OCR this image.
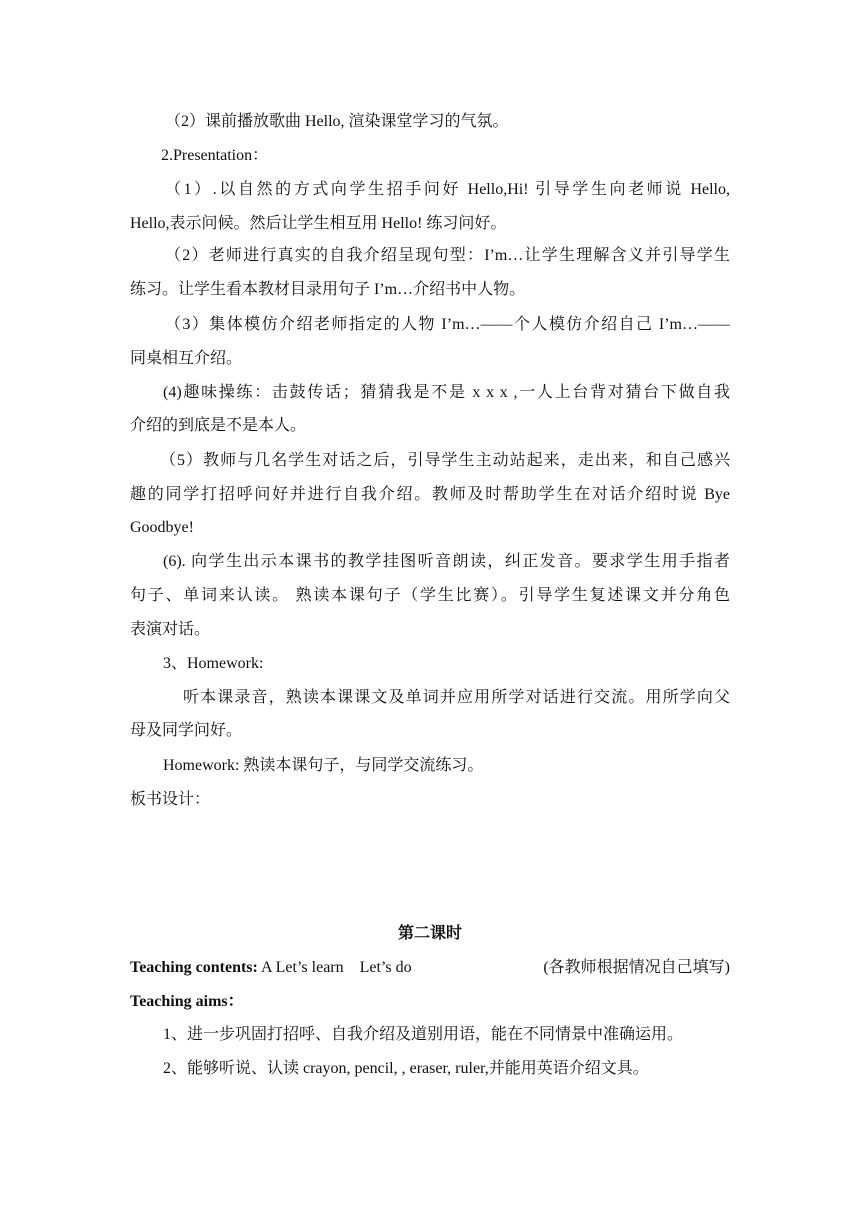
（2）课前播放歌曲 Hello, 渲染课堂学习的气氛。
2.Presentation：
（1）.以自然的方式向学生招手问好 Hello,Hi! 引导学生向老师说 Hello,
Hello,表示问候。然后让学生相互用 Hello! 练习问好。
（2）老师进行真实的自我介绍呈现句型：I’m…让学生理解含义并引导学生
练习。让学生看本教材目录用句子 I’m…介绍书中人物。
（3）集体模仿介绍老师指定的人物 I’m…——个人模仿介绍自己 I’m…——
同桌相互介绍。
(4)趣味操练：击鼓传话；猜猜我是不是 x x x ,一人上台背对猜台下做自我
介绍的到底是不是本人。
（5）教师与几名学生对话之后，引导学生主动站起来，走出来，和自己感兴
趣的同学打招呼问好并进行自我介绍。教师及时帮助学生在对话介绍时说 Bye
Goodbye!
(6). 向学生出示本课书的教学挂图听音朗读，纠正发音。要求学生用手指者
句子、单词来认读。 熟读本课句子（学生比赛）。引导学生复述课文并分角色
表演对话。
3、Homework:
听本课录音，熟读本课课文及单词并应用所学对话进行交流。用所学向父
母及同学问好。
Homework: 熟读本课句子，与同学交流练习。
板书设计：
第二课时
Teaching contents: A Let’s learn    Let’s do	(各教师根据情况自己填写)
Teaching aims：
1、进一步巩固打招呼、自我介绍及道别用语，能在不同情景中准确运用。
2、能够听说、认读 crayon, pencil, , eraser, ruler,并能用英语介绍文具。
